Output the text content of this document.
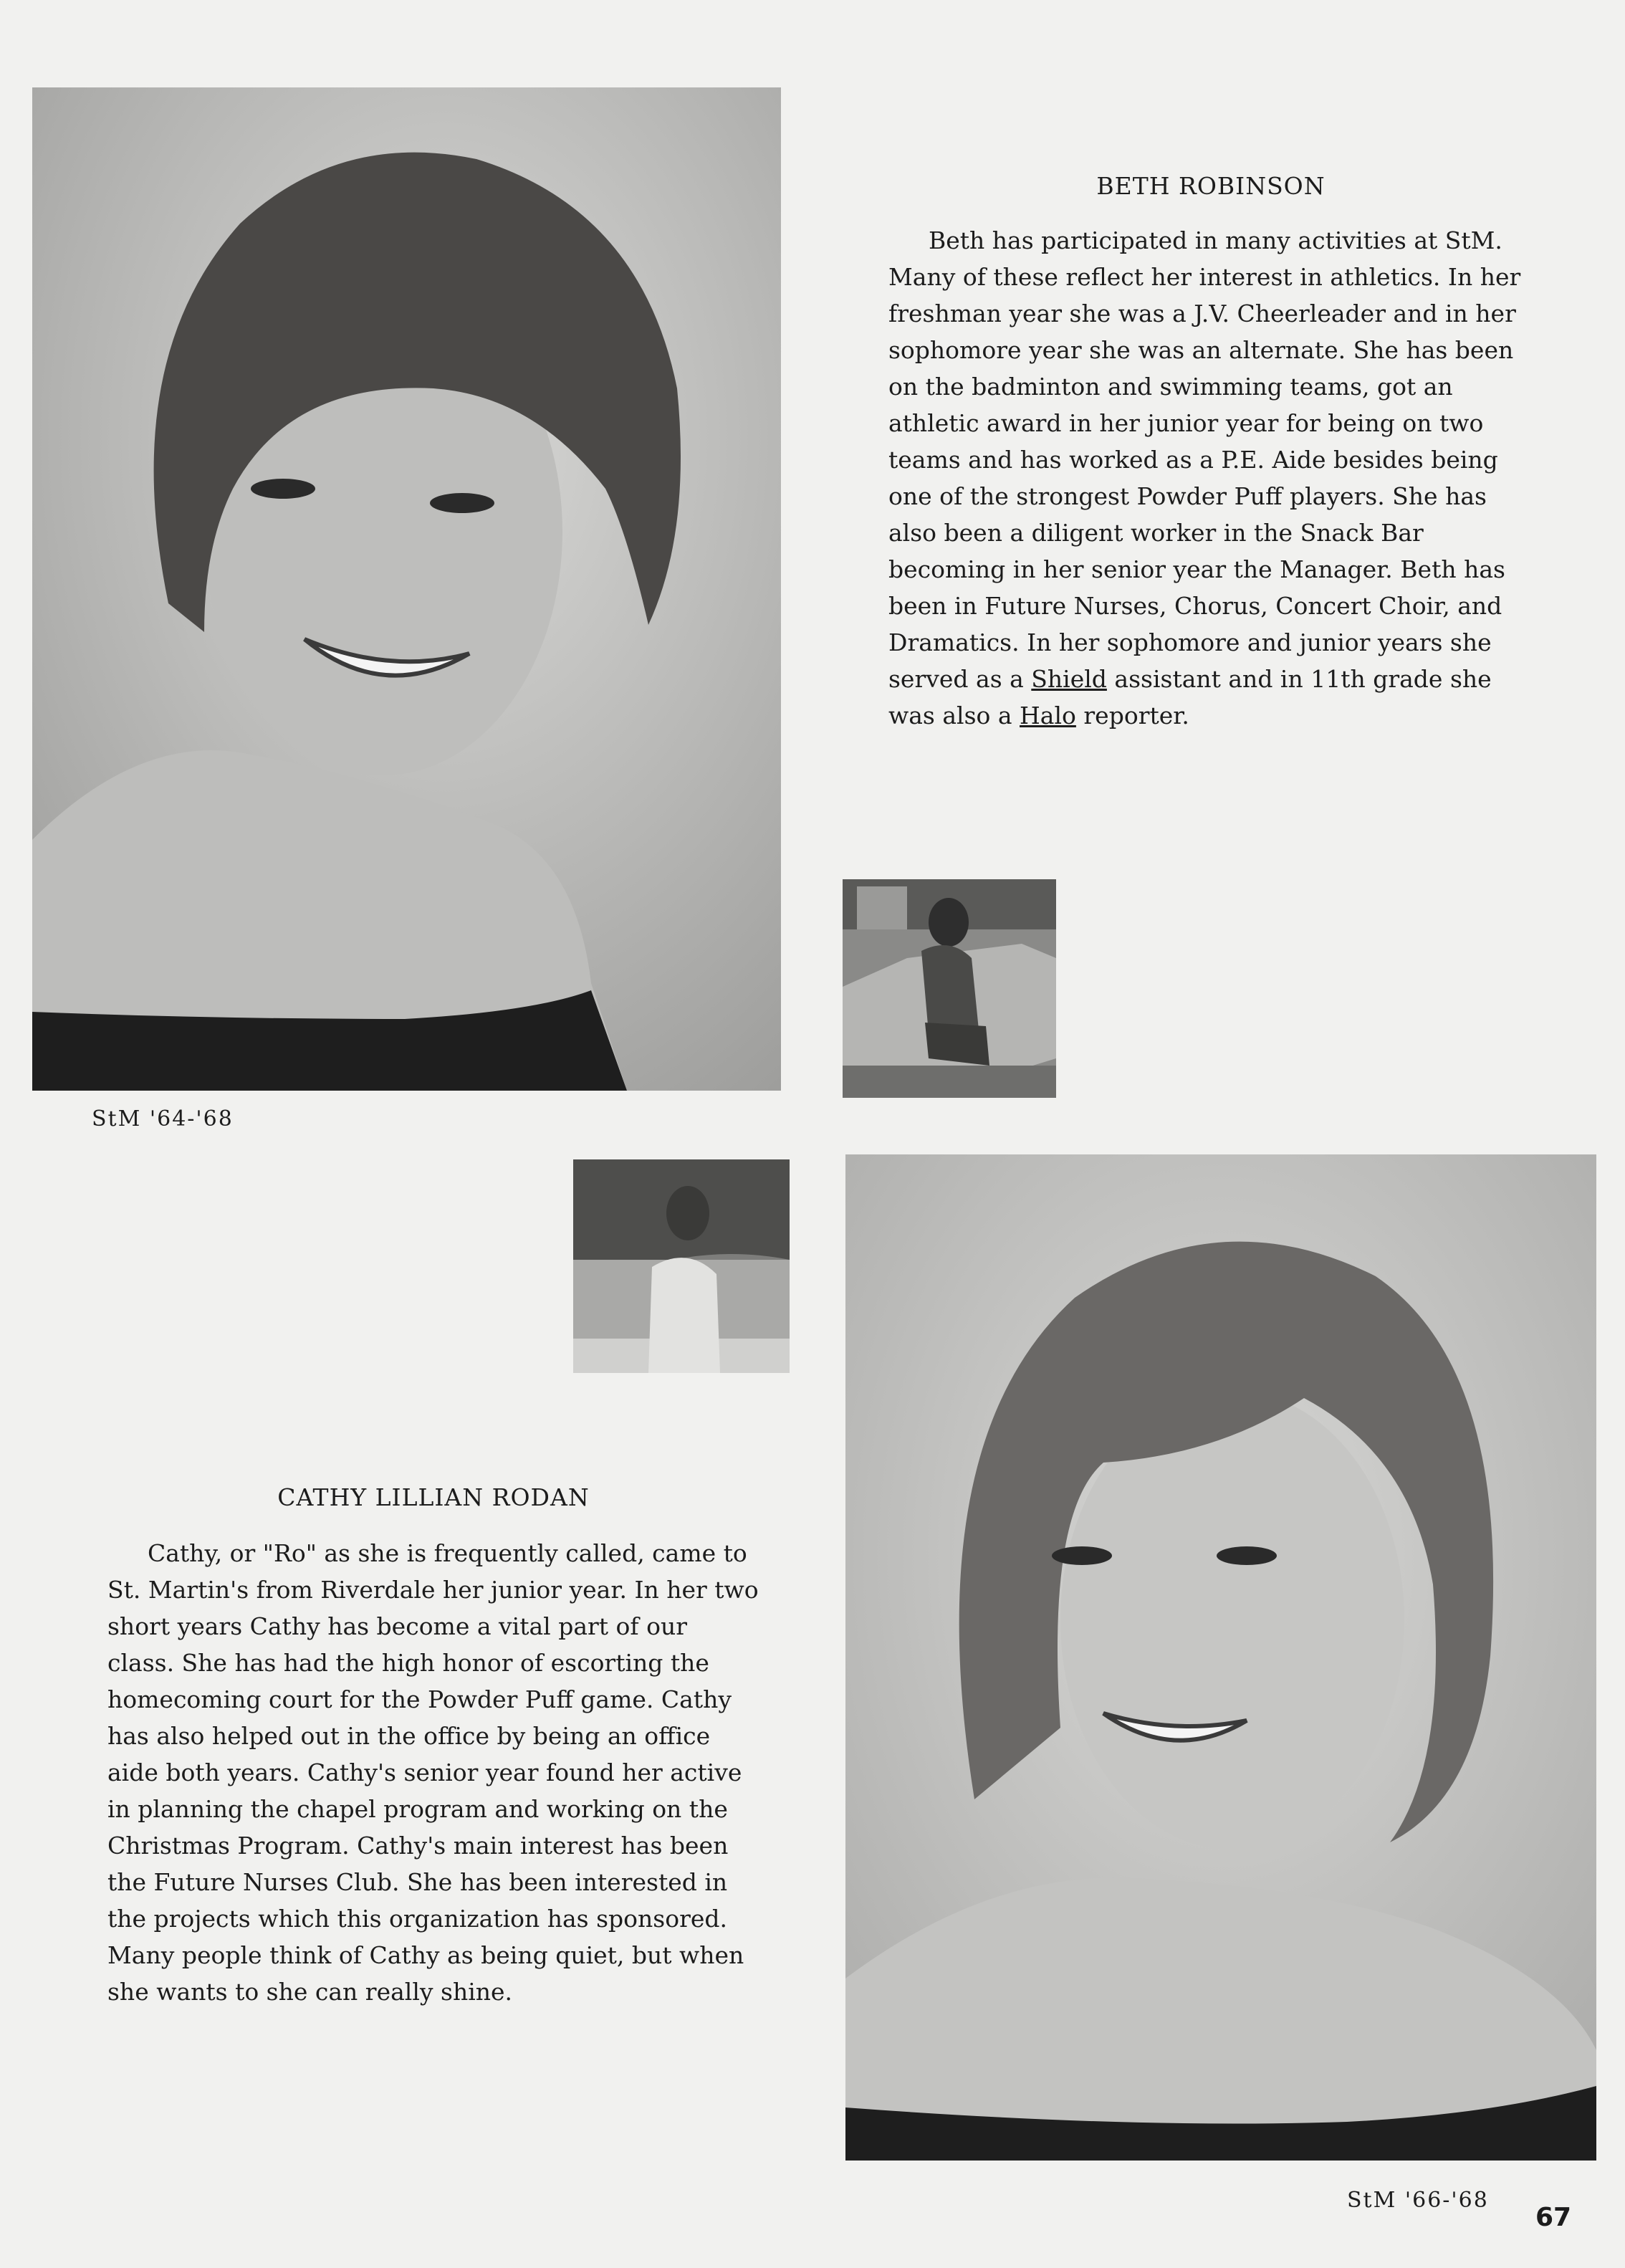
BETH ROBINSON

Beth has participated in many activities at StM. Many of these reflect her interest in athletics. In her freshman year she was a J.V. Cheerleader and in her sophomore year she was an alternate. She has been on the badminton and swimming teams, got an athletic award in her junior year for being on two teams and has worked as a P.E. Aide besides being one of the strongest Powder Puff players. She has also been a diligent worker in the Snack Bar becoming in her senior year the Manager. Beth has been in Future Nurses, Chorus, Concert Choir, and Dramatics. In her sophomore and junior years she served as a Shield assistant and in 11th grade she was also a Halo reporter.

StM '64-'68
CATHY LILLIAN RODAN

Cathy, or "Ro" as she is frequently called, came to St. Martin's from Riverdale her junior year. In her two short years Cathy has become a vital part of our class. She has had the high honor of escorting the homecoming court for the Powder Puff game. Cathy has also helped out in the office by being an office aide both years. Cathy's senior year found her active in planning the chapel program and working on the Christmas Program. Cathy's main interest has been the Future Nurses Club. She has been interested in the projects which this organization has sponsored. Many people think of Cathy as being quiet, but when she wants to she can really shine.

StM '66-'68
67
